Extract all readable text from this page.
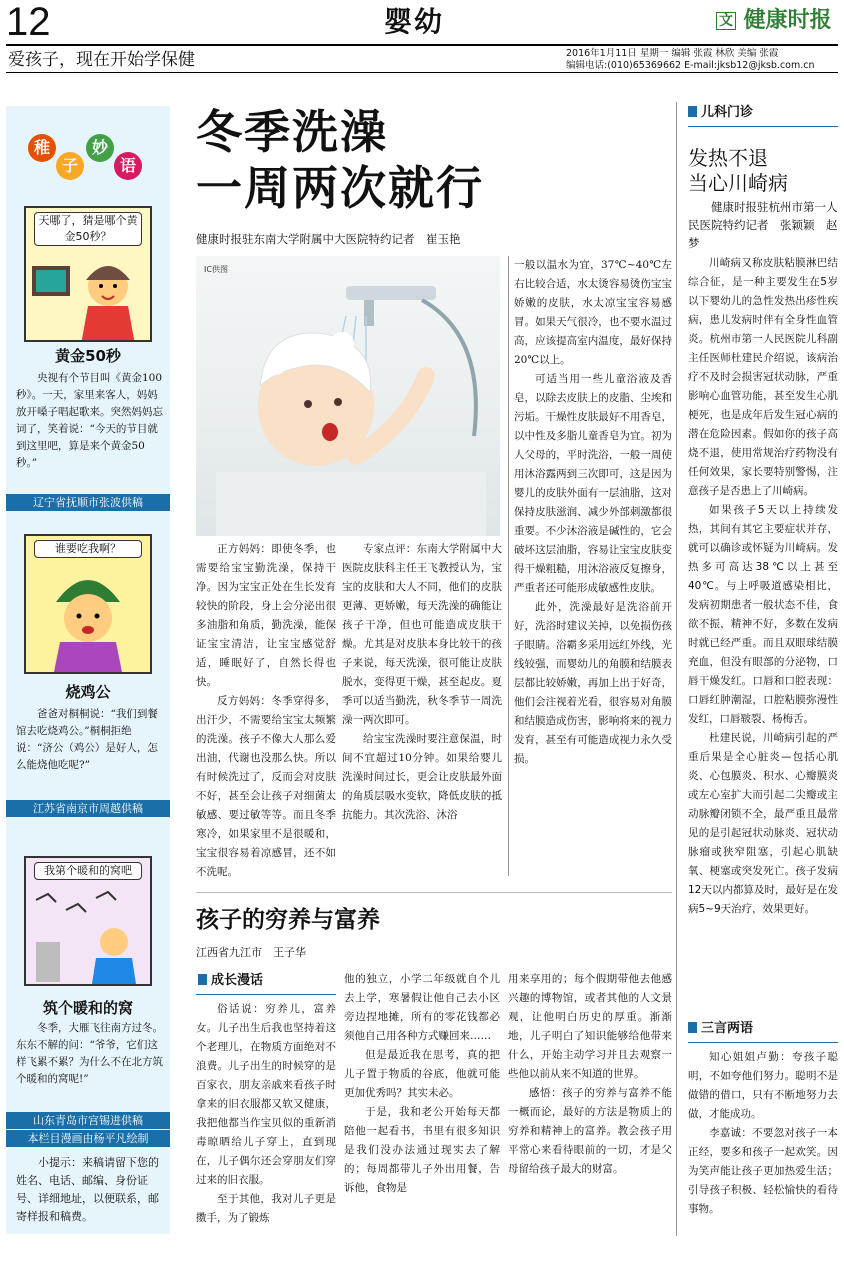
12	婴幼	文 健康时报
爱孩子，现在开始学保健	2016年1月11日 星期一 编辑 张霞 林欣 美编 张霞
编辑电话:(010)65369662 E-mail:jksb12@jksb.com.cn
稚
子
妙
语
天哪了，猜是哪个黄金50秒？
黄金50秒
央视有个节目叫《黄金100秒》。一天，家里来客人，妈妈放开嗓子唱起歌来。突然妈妈忘词了，笑着说：“今天的节目就到这里吧，算是来个黄金50秒。”
辽宁省抚顺市张波供稿
谁要吃我啊？
烧鸡公
爸爸对桐桐说：“我们到餐馆去吃烧鸡公。”桐桐拒绝说：“济公（鸡公）是好人，怎么能烧他吃呢?”
江苏省南京市周越供稿
我第个暖和的窝吧
筑个暖和的窝
冬季，大雁飞往南方过冬。东东不解的问：“爷爷，它们这样飞累不累？为什么不在北方筑个暖和的窝呢!”
山东青岛市宫锡进供稿
本栏目漫画由杨平凡绘制
小提示：来稿请留下您的姓名、电话、邮编、身份证号、详细地址，以便联系，邮寄样报和稿费。
冬季洗澡
一周两次就行
健康时报驻东南大学附属中大医院特约记者　崔玉艳
IC供图

正方妈妈：即使冬季，也需要给宝宝勤洗澡，保持干净。因为宝宝正处在生长发育较快的阶段，身上会分泌出很多油脂和角质，勤洗澡，能保证宝宝清洁，让宝宝感觉舒适，睡眠好了，自然长得也快。

反方妈妈：冬季穿得多，出汗少，不需要给宝宝太频繁的洗澡。孩子不像大人那么爱出油，代谢也没那么快。所以有时候洗过了，反而会对皮肤不好，甚至会让孩子对细菌太敏感、要过敏等等。而且冬季寒冷，如果家里不是很暖和，宝宝很容易着凉感冒，还不如不洗呢。

专家点评：东南大学附属中大医院皮肤科主任王飞教授认为，宝宝的皮肤和大人不同，他们的皮肤更薄、更娇嫩，每天洗澡的确能让孩子干净，但也可能造成皮肤干燥。尤其是对皮肤本身比较干的孩子来说，每天洗澡，很可能让皮肤脱水，变得更干燥，甚至起皮。夏季可以适当勤洗，秋冬季节一周洗澡一两次即可。

给宝宝洗澡时要注意保温，时间不宜超过10分钟。如果给婴儿洗澡时间过长，更会让皮肤最外面的角质层吸水变软，降低皮肤的抵抗能力。其次洗浴、沐浴

一般以温水为宜，37℃~40℃左右比较合适，水太烫容易烫伤宝宝娇嫩的皮肤，水太凉宝宝容易感冒。如果天气很冷，也不要水温过高，应该提高室内温度，最好保持20℃以上。

可适当用一些儿童浴液及香皂，以除去皮肤上的皮脂、尘埃和污垢。干燥性皮肤最好不用香皂，以中性及多脂儿童香皂为宜。初为人父母的，平时洗浴，一般一周使用沐浴露两到三次即可，这是因为婴儿的皮肤外面有一层油脂，这对保持皮肤滋润、减少外部刺激都很重要。不少沐浴液是碱性的，它会破坏这层油脂，容易让宝宝皮肤变得干燥粗糙，用沐浴液反复擦身，严重者还可能形成敏感性皮肤。

此外，洗澡最好是洗浴前开好，洗浴时建议关掉，以免损伤孩子眼睛。浴霸多采用远红外线，光线较强，而婴幼儿的角膜和结膜表层都比较娇嫩，再加上出于好奇，他们会注视着光看，很容易对角膜和结膜造成伤害，影响将来的视力发育，甚至有可能造成视力永久受损。

孩子的穷养与富养
江西省九江市　王子华
成长漫话

俗话说：穷养儿，富养女。儿子出生后我也坚持着这个老理儿，在物质方面绝对不浪费。儿子出生的时候穿的是百家衣，朋友亲戚来看孩子时拿来的旧衣服都又软又健康，我把他都当作宝贝似的重新消毒晾晒给儿子穿上，直到现在，儿子偶尔还会穿朋友们穿过来的旧衣服。

至于其他，我对儿子更是擞手，为了锻炼

他的独立，小学二年级就自个儿去上学，寒暑假让他自己去小区旁边捏地摊，所有的零花钱都必须他自己用各种方式赚回来……

但是最近我在思考，真的把儿子置于物质的谷底，他就可能更加优秀吗？其实未必。

于是，我和老公开始每天都陪他一起看书，书里有很多知识是我们没办法通过现实去了解的；每周都带儿子外出用餐，告诉他，食物是

用来享用的；每个假期带他去他感兴趣的博物馆，或者其他的人文景观，让他明白历史的厚重。渐渐地，儿子明白了知识能够给他带来什么，开始主动学习并且去观察一些他以前从来不知道的世界。

感悟：孩子的穷养与富养不能一概而论，最好的方法是物质上的穷养和精神上的富养。教会孩子用平常心来看待眼前的一切，才是父母留给孩子最大的财富。

儿科门诊
发热不退
当心川崎病
健康时报驻杭州市第一人民医院特约记者　张颖颖　赵梦

川崎病又称皮肤粘膜淋巴结综合征，是一种主要发生在5岁以下婴幼儿的急性发热出疹性疾病，患儿发病时伴有全身性血管炎。杭州市第一人民医院儿科副主任医师杜建民介绍说，该病治疗不及时会损害冠状动脉，严重影响心血管功能，甚至发生心肌梗死，也是成年后发生冠心病的潜在危险因素。假如你的孩子高烧不退，使用常规治疗药物没有任何效果，家长要特别警惕，注意孩子是否患上了川崎病。

如果孩子5天以上持续发热，其间有其它主要症状并存，就可以确诊或怀疑为川崎病。发热多可高达38℃以上甚至40℃。与上呼吸道感染相比，发病初期患者一般状态不佳，食欲不振，精神不好，多数在发病时就已经严重。而且双眼球结膜充血，但没有眼部的分泌物，口唇干燥发红。口唇和口腔表现：口唇红肿潮湿，口腔粘膜弥漫性发红，口唇皲裂、杨梅舌。

杜建民说，川崎病引起的严重后果是全心脏炎—包括心肌炎、心包膜炎、积水、心瓣膜炎或左心室扩大而引起二尖瓣或主动脉瓣闭锁不全，最严重且最常见的是引起冠状动脉炎、冠状动脉瘤或狭窄阻塞，引起心肌缺氧、梗塞或突发死亡。孩子发病12天以内都算及时，最好是在发病5~9天治疗，效果更好。

三言两语

知心姐姐卢勤：夸孩子聪明，不如夸他们努力。聪明不是做错的借口，只有不断地努力去做，才能成功。

李嘉诚：不要忽对孩子一本正经，要多和孩子一起欢笑。因为笑声能让孩子更加热爱生活；引导孩子积极、轻松愉快的看待事物。
